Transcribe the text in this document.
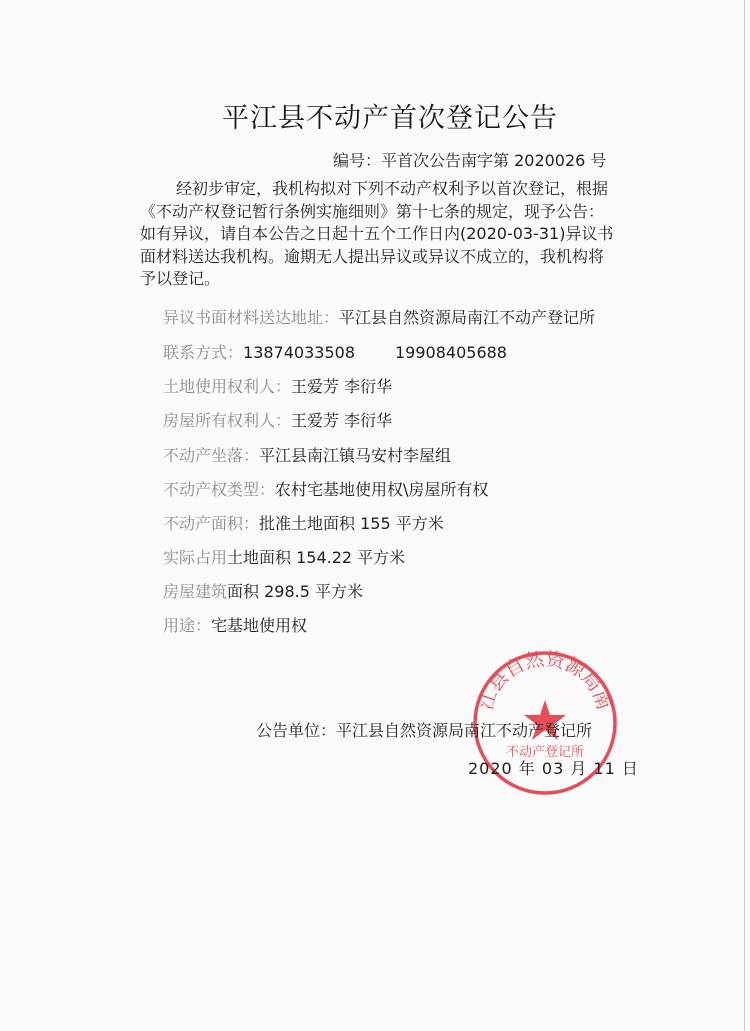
平江县不动产首次登记公告
编号：平首次公告南字第 2020026 号
经初步审定，我机构拟对下列不动产权利予以首次登记，根据
《不动产权登记暂行条例实施细则》第十七条的规定，现予公告：
如有异议，请自本公告之日起十五个工作日内(2020-03-31)异议书
面材料送达我机构。逾期无人提出异议或异议不成立的，我机构将
予以登记。
异议书面材料送达地址：平江县自然资源局南江不动产登记所
联系方式：13874033508	19908405688
土地使用权利人：王爱芳 李衍华
房屋所有权利人：王爱芳 李衍华
不动产坐落：平江县南江镇马安村李屋组
不动产权类型：农村宅基地使用权\房屋所有权
不动产面积：批准土地面积 155 平方米
实际占用土地面积 154.22 平方米
房屋建筑面积 298.5 平方米
用途：宅基地使用权
江县自然资源局南
不动产登记所
公告单位：平江县自然资源局南江不动产登记所
2020 年 03 月 11 日
